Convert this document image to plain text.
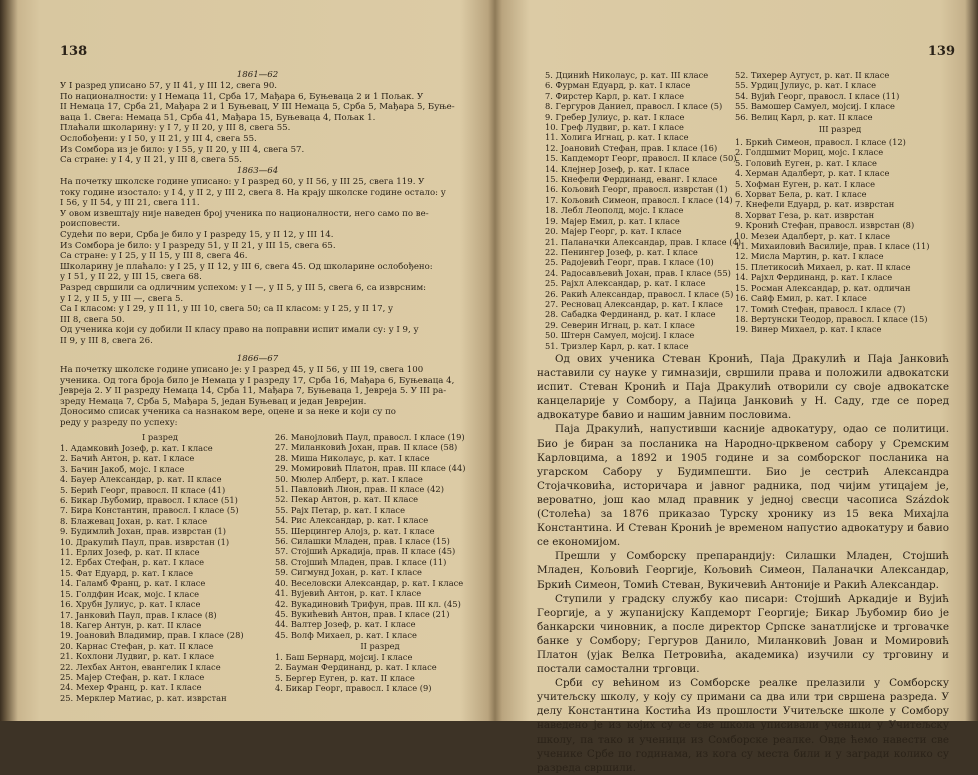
138
1861—62
У I разред уписано 57, у II 41, у III 12, свега 90.
По националности: у I Немаца 11, Срба 17, Мађара 6, Буњеваца 2 и 1 Пољак. У
II Немаца 17, Срба 21, Мађара 2 и 1 Буњевац, У III Немаца 5, Срба 5, Мађара 5, Буње-
ваца 1. Свега: Немаца 51, Срба 41, Мађара 15, Буњеваца 4, Пољак 1.
Плаћали школарину: у I 7, у II 20, у III 8, свега 55.
Ослобођени: у I 50, у II 21, у III 4, свега 55.
Из Сомбора из је било: у I 55, у II 20, у III 4, свега 57.
Са стране: у I 4, у II 21, у III 8, свега 55.
1863—64
На почетку школске године уписано: у I разред 60, у II 56, у III 25, свега 119. У
току године изостало: у I 4, у II 2, у III 2, свега 8. На крају школске године остало: у
I 56, у II 54, у III 21, свега 111.
У овом извештају није наведен број ученика по националности, него само по ве-
роисповести.
Судећи по вери, Срба је било у I разреду 15, у II 12, у III 14.
Из Сомбора је било: у I разреду 51, у II 21, у III 15, свега 65.
Са стране: у I 25, у II 15, у III 8, свега 46.
Школарину је плаћало: у I 25, у II 12, у III 6, свега 45. Од школарине ослобођено:
у I 51, у II 22, у III 15, свега 68.
Разред свршили са одличним успехом: у I —, у II 5, у III 5, свега 6, са изврсним:
у I 2, у II 5, у III —, свега 5.
Са I класом: у I 29, у II 11, у III 10, свега 50; са II класом: у I 25, у II 17, у
III 8, свега 50.
Од ученика који су добили II класу право на поправни испит имали су: у I 9, у
II 9, у III 8, свега 26.
1866—67
На почетку школске године уписано је: у I разред 45, у II 56, у III 19, свега 100
ученика. Од тога броја било је Немаца у I разреду 17, Срба 16, Мађара 6, Буњеваца 4,
Јевреја 2. У II разреду Немаца 14, Срба 11, Мађара 7, Буњеваца 1, Јевреја 5. У III ра-
зреду Немаца 7, Срба 5, Мађара 5, један Буњевац и један Јеврејин.
Доносимо списак ученика са назнаком вере, оцене и за неке и који су по
реду у разреду по успеху:
I разред
1. Адамковић Јозеф, р. кат. I класе
2. Бачић Антон, р. кат. I класе
3. Бачин Јакоб, мојс. I класе
4. Бауер Александар, р. кат. II класе
5. Берић Георг, правосл. II класе (41)
6. Бикар Љубомир, правосл. I класе (51)
7. Бира Константин, правосл. I класе (5)
8. Блажевац Јохан, р. кат. I класе
9. Будимлић Јохан, прав. изврстан (1)
10. Дракулић Паул, прав. изврстан (1)
11. Ерлих Јозеф, р. кат. II класе
12. Ербах Стефан, р. кат. I класе
15. Фат Едуард, р. кат. I класе
14. Галамб Франц, р. кат. I класе
15. Голдфин Исак, мојс. I класе
16. Хрубн Јулиус, р. кат. I класе
17. Јанковић Паул, прав. I класе (8)
18. Кагер Антун, р. кат. II класе
19. Јоановић Владимир, прав. I класе (28)
20. Карнас Стефан, р. кат. II класе
21. Кохлони Лудвиг, р. кат. I класе
22. Лехбах Антон, евангелик I класе
25. Мајер Стефан, р. кат. I класе
24. Мехер Франц, р. кат. I класе
25. Мерклер Матиас, р. кат. изврстан
26. Манојловић Паул, правосл. I класе (19)
27. Миланковић Јохан, прав. II класе (58)
28. Миша Николаус, р. кат. I класе
29. Момировић Платон, прав. III класе (44)
50. Мюлер Алберт, р. кат. I класе
51. Павловић Лион, прав. II класе (42)
52. Пекар Антон, р. кат. II класе
55. Рајх Петар, р. кат. I класе
54. Рис Александар, р. кат. I класе
55. Шерцингер Алојз, р. кат. I класе
56. Силашки Младен, прав. I класе (15)
57. Стојшић Аркадија, прав. II класе (45)
58. Стојшић Младен, прав. I класе (11)
59. Сигмунд Јохан, р. кат. I класе
40. Веселовски Александар, р. кат. I класе
41. Вујевић Антон, р. кат. I класе
42. Вукадиновић Трифун, прав. III кл. (45)
45. Вукићевић Антон, прав. I класе (21)
44. Валтер Јозеф, р. кат. I класе
45. Волф Михаел, р. кат. I класе
II разред
1. Баш Бернард, мојсиј. I класе
2. Бауман Фердинанд, р. кат. I класе
5. Бергер Еуген, р. кат. II класе
4. Бикар Георг, правосл. I класе (9)
139
5. Дцинић Николаус, р. кат. III класе
6. Фурман Едуард, р. кат. I класе
7. Фирстер Карл, р. кат. I класе
8. Гергуров Даниел, правосл. I класе (5)
9. Гребер Јулиус, р. кат. I класе
10. Греф Лудвиг, р. кат. I класе
11. Холига Игнац, р. кат. I класе
12. Јоановић Стефан, прав. I класе (16)
15. Капдеморт Георг, правосл. II класе (50)
14. Клејнер Јозеф, р. кат. I класе
15. Кнефели Фердинанд, еванг. I класе
16. Кољовић Георг, правосл. изврстан (1)
17. Кољовић Симеон, правосл. I класе (14)
18. Лебл Леополд, мојс. I класе
19. Мајер Емил, р. кат. I класе
20. Мајер Георг, р. кат. I класе
21. Паланачки Александар, прав. I класе (4)
22. Пенингер Јозеф, р. кат. I класе
25. Радојевић Георг, прав. I класе (10)
24. Радосављевић Јохан, прав. I класе (55)
25. Рајхл Александар, р. кат. I класе
26. Ракић Александар, правосл. I класе (5)
27. Ресновац Александар, р. кат. I класе
28. Сабадка Фердинанд, р. кат. I класе
29. Северин Игнац, р. кат. I класе
50. Штерн Самуел, мојсиј. I класе
51. Тризлер Карл, р. кат. I класе
52. Тихерер Аугуст, р. кат. II класе
55. Урдиц Јулиус, р. кат. I класе
54. Вујић Георг, правосл. I класе (11)
55. Вамошер Самуел, мојсиј. I класе
56. Велиц Карл, р. кат. II класе
III разред
1. Бркић Симеон, правосл. I класе (12)
2. Голдшмит Мориц, мојс. I класе
5. Головић Еуген, р. кат. I класе
4. Херман Адалберт, р. кат. I класе
5. Хофман Еуген, р. кат. I класе
6. Хорват Бела, р. кат. I класе
7. Кнефели Едуард, р. кат. изврстан
8. Хорват Геза, р. кат. изврстан
9. Кронић Стефан, правосл. изврстан (8)
10. Мезеи Адалберт, р. кат. I класе
11. Михаиловић Василије, прав. I класе (11)
12. Мисла Мартин, р. кат. I класе
15. Плетикосић Михаел, р. кат. II класе
14. Рајхл Фердинанд, р. кат. I класе
15. Росман Александар, р. кат. одличан
16. Сайф Емил, р. кат. I класе
17. Томић Стефан, правосл. I класе (7)
18. Вертунски Теодор, правосл. I класе (15)
19. Винер Михаел, р. кат. I класе

Од ових ученика Стеван Кронић, Паја Дракулић и Паја Јанковић наставили су науке у гимназији, свршили права и положили адвокатски испит. Стеван Кронић и Паја Дракулић отворили су своје адвокатске канцеларије у Сомбору, а Пајица Јанковић у Н. Саду, где се поред адвокатуре бавио и нашим јавним пословима.

Паја Дракулић, напустивши касније адвокатуру, одао се политици. Био је биран за посланика на Народно-црквеном сабору у Сремским Карловцима, а 1892 и 1905 године и за сомборског посланика на угарском Сабору у Будимпешти. Био је сестрић Александра Стојачковића, историчара и јавног радника, под чијим утицајем је, вероватно, још као млад правник у једној свесци часописа Százdok (Столећа) за 1876 приказао Турску хронику из 15 века Михајла Константина. И Стеван Кронић је временом напустио адвокатуру и бавио се економијом.

Прешли у Сомборску препарандију: Силашки Младен, Стојшић Младен, Кољовић Георгије, Кољовић Симеон, Паланачки Александар, Бркић Симеон, Томић Стеван, Вукичевић Антоније и Ракић Александар.

Ступили у градску службу као писари: Стојшић Аркадије и Вујић Георгије, а у жупанијску Капдеморт Георгије; Бикар Љубомир био је банкарски чиновник, а после директор Српске занатлијске и трговачке банке у Сомбору; Гергуров Данило, Миланковић Јован и Момировић Платон (ујак Велка Петровића, академика) изучили су трговину и постали самостални трговци.

Срби су већином из Сомборске реалке прелазили у Сомборску учитељску школу, у коју су примани са два или три свршена разреда. У делу Константина Костића Из прошлости Учитељске школе у Сомбору наведено је из којих су се све школа уписивали ученици у Учитељску школу, па тако и ученици из Сомборске реалке. Овде ћемо навести све ученике Србе по годинама, из кога су места били и у загради колико су разреда свршили.
